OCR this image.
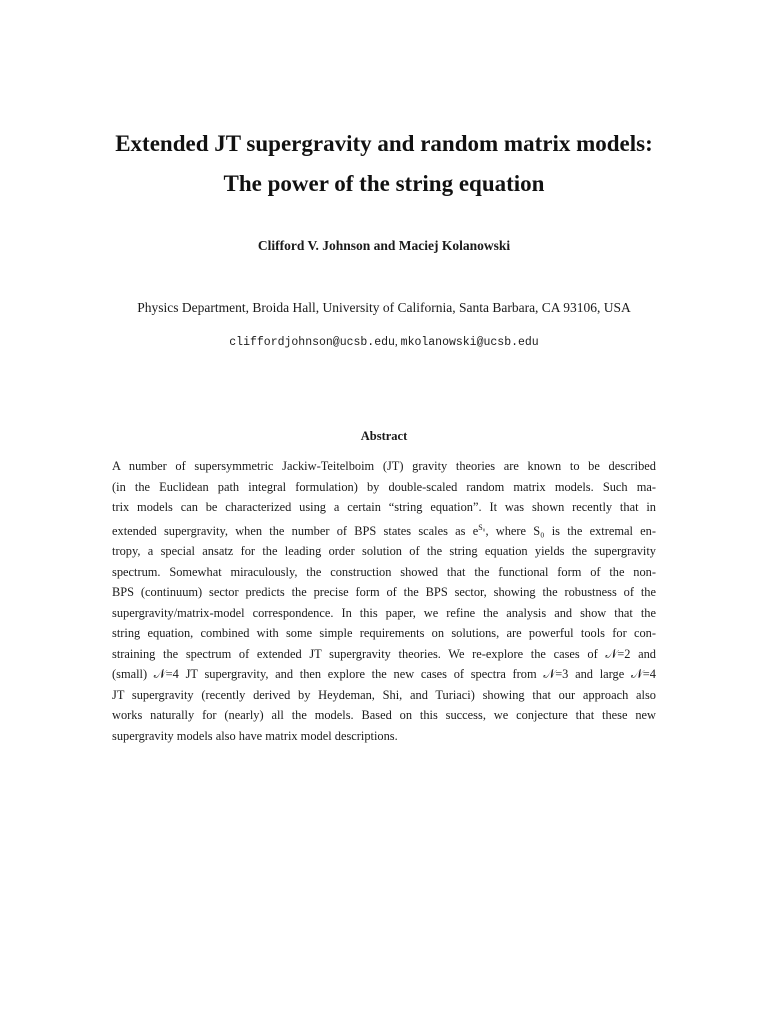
Extended JT supergravity and random matrix models:
The power of the string equation
Clifford V. Johnson and Maciej Kolanowski
Physics Department, Broida Hall, University of California, Santa Barbara, CA 93106, USA
cliffordjohnson@ucsb.edu, mkolanowski@ucsb.edu
Abstract
A number of supersymmetric Jackiw-Teitelboim (JT) gravity theories are known to be described
(in the Euclidean path integral formulation) by double-scaled random matrix models. Such ma-
trix models can be characterized using a certain “string equation”. It was shown recently that in
extended supergravity, when the number of BPS states scales as $e^{S_0}$, where S₀ is the extremal en-
tropy, a special ansatz for the leading order solution of the string equation yields the supergravity
spectrum. Somewhat miraculously, the construction showed that the functional form of the non-
BPS (continuum) sector predicts the precise form of the BPS sector, showing the robustness of the
supergravity/matrix-model correspondence. In this paper, we refine the analysis and show that the
string equation, combined with some simple requirements on solutions, are powerful tools for con-
straining the spectrum of extended JT supergravity theories. We re-explore the cases of 𝒩=2 and
(small) 𝒩=4 JT supergravity, and then explore the new cases of spectra from 𝒩=3 and large 𝒩=4
JT supergravity (recently derived by Heydeman, Shi, and Turiaci) showing that our approach also
works naturally for (nearly) all the models. Based on this success, we conjecture that these new
supergravity models also have matrix model descriptions.
